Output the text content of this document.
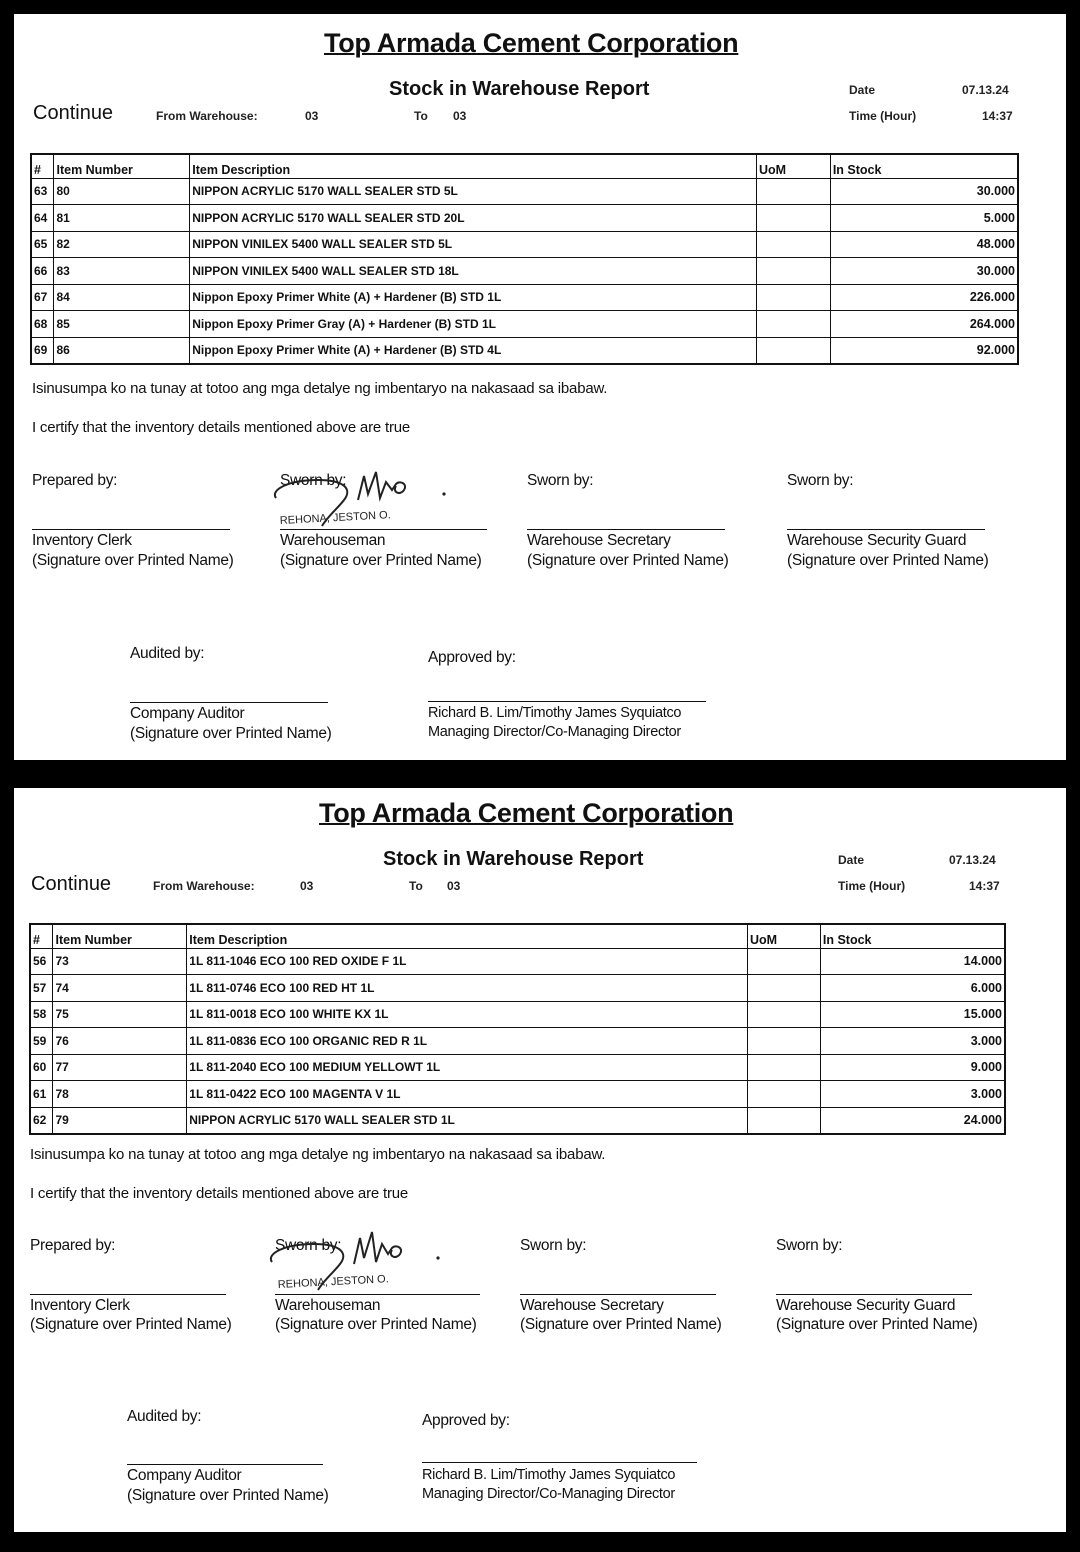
Top Armada Cement Corporation
Stock in Warehouse Report
Continue	From Warehouse:	03	To 03
Date	07.13.24
Time (Hour)	14:37
#	Item Number	Item Description	UoM	In Stock
63	80	NIPPON ACRYLIC 5170 WALL SEALER STD 5L		30.000
64	81	NIPPON ACRYLIC 5170 WALL SEALER STD 20L		5.000
65	82	NIPPON VINILEX 5400 WALL SEALER STD 5L		48.000
66	83	NIPPON VINILEX 5400 WALL SEALER STD 18L		30.000
67	84	Nippon Epoxy Primer White (A) + Hardener (B) STD 1L		226.000
68	85	Nippon Epoxy Primer Gray (A) + Hardener (B) STD 1L		264.000
69	86	Nippon Epoxy Primer White (A) + Hardener (B) STD 4L		92.000
Isinusumpa ko na tunay at totoo ang mga detalye ng imbentaryo na nakasaad sa ibabaw.
I certify that the inventory details mentioned above are true
Prepared by:
Inventory Clerk
(Signature over Printed Name)
Sworn by:
REHONA, JESTON O.
Warehouseman
(Signature over Printed Name)
Sworn by:
Warehouse Secretary
(Signature over Printed Name)
Sworn by:
Warehouse Security Guard
(Signature over Printed Name)
Audited by:
Company Auditor
(Signature over Printed Name)
Approved by:
Richard B. Lim/Timothy James Syquiatco
Managing Director/Co-Managing Director
Top Armada Cement Corporation
Stock in Warehouse Report
Continue	From Warehouse:	03	To 03
Date	07.13.24
Time (Hour)	14:37
#	Item Number	Item Description	UoM	In Stock
56	73	1L 811-1046 ECO 100 RED OXIDE F 1L		14.000
57	74	1L 811-0746 ECO 100 RED HT 1L		6.000
58	75	1L 811-0018 ECO 100 WHITE KX 1L		15.000
59	76	1L 811-0836 ECO 100 ORGANIC RED R 1L		3.000
60	77	1L 811-2040 ECO 100 MEDIUM YELLOWT 1L		9.000
61	78	1L 811-0422 ECO 100 MAGENTA V 1L		3.000
62	79	NIPPON ACRYLIC 5170 WALL SEALER STD 1L		24.000
Isinusumpa ko na tunay at totoo ang mga detalye ng imbentaryo na nakasaad sa ibabaw.
I certify that the inventory details mentioned above are true
Prepared by:
Inventory Clerk
(Signature over Printed Name)
Sworn by:
REHONA, JESTON O.
Warehouseman
(Signature over Printed Name)
Sworn by:
Warehouse Secretary
(Signature over Printed Name)
Sworn by:
Warehouse Security Guard
(Signature over Printed Name)
Audited by:
Company Auditor
(Signature over Printed Name)
Approved by:
Richard B. Lim/Timothy James Syquiatco
Managing Director/Co-Managing Director
